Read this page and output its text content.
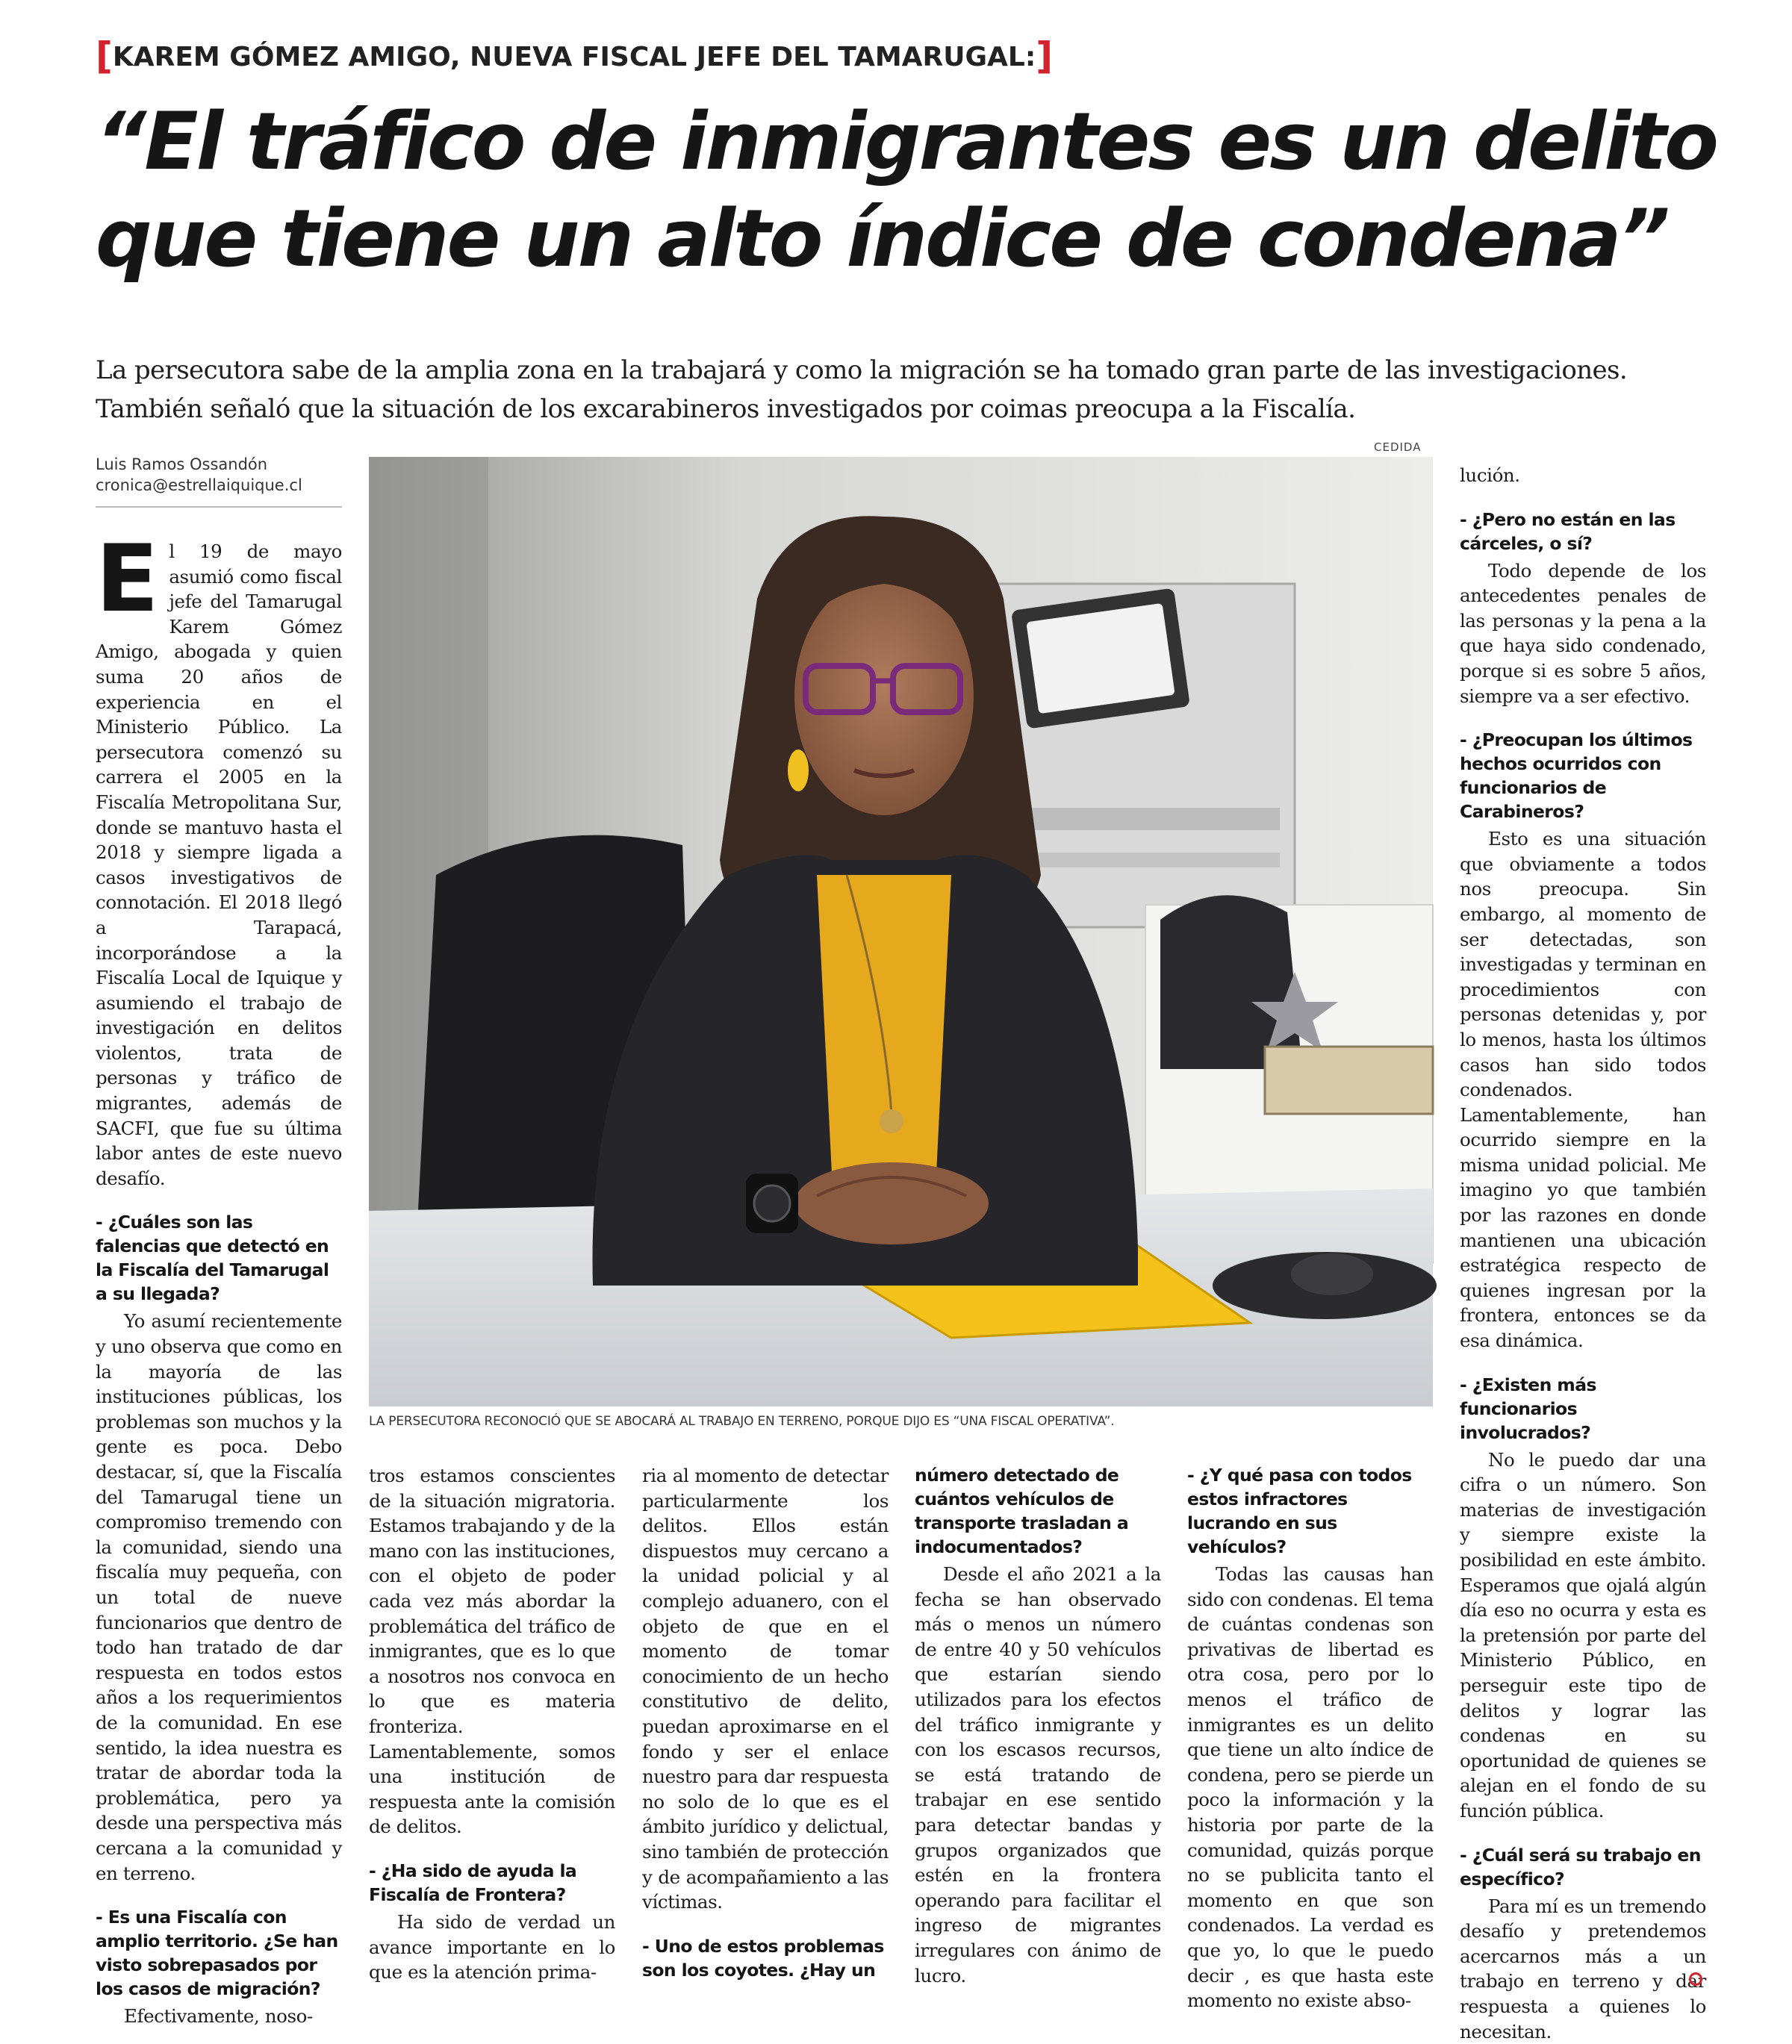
[KAREM GÓMEZ AMIGO, NUEVA FISCAL JEFE DEL TAMARUGAL:]
“El tráfico de inmigrantes es un delito
que tiene un alto índice de condena”
La persecutora sabe de la amplia zona en la trabajará y como la migración se ha tomado gran parte de las investigaciones.
También señaló que la situación de los excarabineros investigados por coimas preocupa a la Fiscalía.
Luis Ramos Ossandón
cronica@estrellaiquique.cl
CEDIDA
LA PERSECUTORA RECONOCIÓ QUE SE ABOCARÁ AL TRABAJO EN TERRENO, PORQUE DIJO ES “UNA FISCAL OPERATIVA”.

El 19 de mayo asumió como fiscal jefe del Tamarugal Karem Gómez Amigo, abogada y quien suma 20 años de experiencia en el Ministerio Público. La persecutora comenzó su carrera el 2005 en la Fiscalía Metropolitana Sur, donde se mantuvo hasta el 2018 y siempre ligada a casos investigativos de connotación. El 2018 llegó a Tarapacá, incorporándose a la Fiscalía Local de Iquique y asumiendo el trabajo de investigación en delitos violentos, trata de personas y tráfico de migrantes, además de SACFI, que fue su última labor antes de este nuevo desafío.

- ¿Cuáles son las falencias que detectó en la Fiscalía del Tamarugal a su llegada?

Yo asumí recientemente y uno observa que como en la mayoría de las instituciones públicas, los problemas son muchos y la gente es poca. Debo destacar, sí, que la Fiscalía del Tamarugal tiene un compromiso tremendo con la comunidad, siendo una fiscalía muy pequeña, con un total de nueve funcionarios que dentro de todo han tratado de dar respuesta en todos estos años a los requerimientos de la comunidad. En ese sentido, la idea nuestra es tratar de abordar toda la problemática, pero ya desde una perspectiva más cercana a la comunidad y en terreno.

- Es una Fiscalía con amplio territorio. ¿Se han visto sobrepasados por los casos de migración?

Efectivamente, noso-

tros estamos conscientes de la situación migratoria. Estamos trabajando y de la mano con las instituciones, con el objeto de poder cada vez más abordar la problemática del tráfico de inmigrantes, que es lo que a nosotros nos convoca en lo que es materia fronteriza. Lamentablemente, somos una institución de respuesta ante la comisión de delitos.

- ¿Ha sido de ayuda la Fiscalía de Frontera?

Ha sido de verdad un avance importante en lo que es la atención prima-

ria al momento de detectar particularmente los delitos. Ellos están dispuestos muy cercano a la unidad policial y al complejo aduanero, con el objeto de que en el momento de tomar conocimiento de un hecho constitutivo de delito, puedan aproximarse en el fondo y ser el enlace nuestro para dar respuesta no solo de lo que es el ámbito jurídico y delictual, sino también de protección y de acompañamiento a las víctimas.

- Uno de estos problemas son los coyotes. ¿Hay un
número detectado de cuántos vehículos de transporte trasladan a indocumentados?

Desde el año 2021 a la fecha se han observado más o menos un número de entre 40 y 50 vehículos que estarían siendo utilizados para los efectos del tráfico inmigrante y con los escasos recursos, se está tratando de trabajar en ese sentido para detectar bandas y grupos organizados que estén en la frontera operando para facilitar el ingreso de migrantes irregulares con ánimo de lucro.

- ¿Y qué pasa con todos estos infractores lucrando en sus vehículos?

Todas las causas han sido con condenas. El tema de cuántas condenas son privativas de libertad es otra cosa, pero por lo menos el tráfico de inmigrantes es un delito que tiene un alto índice de condena, pero se pierde un poco la información y la historia por parte de la comunidad, quizás porque no se publicita tanto el momento en que son condenados. La verdad es que yo, lo que le puedo decir , es que hasta este momento no existe abso-

lución.

- ¿Pero no están en las cárceles, o sí?

Todo depende de los antecedentes penales de las personas y la pena a la que haya sido condenado, porque si es sobre 5 años, siempre va a ser efectivo.

- ¿Preocupan los últimos hechos ocurridos con funcionarios de Carabineros?

Esto es una situación que obviamente a todos nos preocupa. Sin embargo, al momento de ser detectadas, son investigadas y terminan en procedimientos con personas detenidas y, por lo menos, hasta los últimos casos han sido todos condenados. Lamentablemente, han ocurrido siempre en la misma unidad policial. Me imagino yo que también por las razones en donde mantienen una ubicación estratégica respecto de quienes ingresan por la frontera, entonces se da esa dinámica.

- ¿Existen más funcionarios involucrados?

No le puedo dar una cifra o un número. Son materias de investigación y siempre existe la posibilidad en este ámbito. Esperamos que ojalá algún día eso no ocurra y esta es la pretensión por parte del Ministerio Público, en perseguir este tipo de delitos y lograr las condenas en su oportunidad de quienes se alejan en el fondo de su función pública.

- ¿Cuál será su trabajo en específico?

Para mí es un tremendo desafío y pretendemos acercarnos más a un trabajo en terreno y dar respuesta a quienes lo necesitan.
